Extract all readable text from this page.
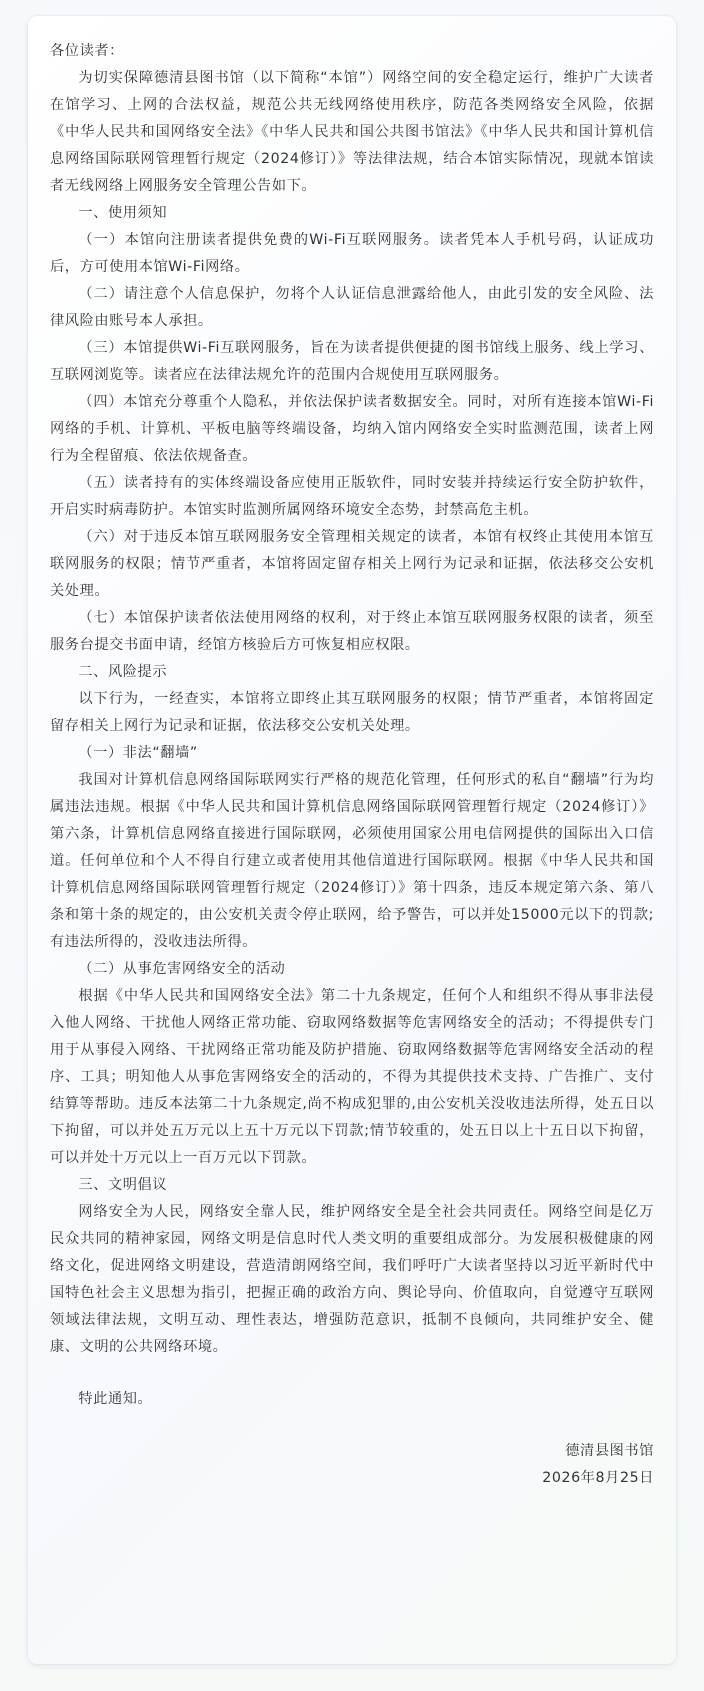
各位读者：

为切实保障德清县图书馆（以下简称“本馆”）网络空间的安全稳定运行，维护广大读者在馆学习、上网的合法权益，规范公共无线网络使用秩序，防范各类网络安全风险，依据《中华人民共和国网络安全法》《中华人民共和国公共图书馆法》《中华人民共和国计算机信息网络国际联网管理暂行规定（2024修订）》等法律法规，结合本馆实际情况，现就本馆读者无线网络上网服务安全管理公告如下。

一、使用须知

（一）本馆向注册读者提供免费的Wi-Fi互联网服务。读者凭本人手机号码，认证成功后，方可使用本馆Wi-Fi网络。

（二）请注意个人信息保护，勿将个人认证信息泄露给他人，由此引发的安全风险、法律风险由账号本人承担。

（三）本馆提供Wi-Fi互联网服务，旨在为读者提供便捷的图书馆线上服务、线上学习、互联网浏览等。读者应在法律法规允许的范围内合规使用互联网服务。

（四）本馆充分尊重个人隐私，并依法保护读者数据安全。同时，对所有连接本馆Wi-Fi网络的手机、计算机、平板电脑等终端设备，均纳入馆内网络安全实时监测范围，读者上网行为全程留痕、依法依规备查。

（五）读者持有的实体终端设备应使用正版软件，同时安装并持续运行安全防护软件，开启实时病毒防护。本馆实时监测所属网络环境安全态势，封禁高危主机。

（六）对于违反本馆互联网服务安全管理相关规定的读者，本馆有权终止其使用本馆互联网服务的权限；情节严重者，本馆将固定留存相关上网行为记录和证据，依法移交公安机关处理。

（七）本馆保护读者依法使用网络的权利，对于终止本馆互联网服务权限的读者，须至服务台提交书面申请，经馆方核验后方可恢复相应权限。

二、风险提示

以下行为，一经查实，本馆将立即终止其互联网服务的权限；情节严重者，本馆将固定留存相关上网行为记录和证据，依法移交公安机关处理。

（一）非法“翻墙”

我国对计算机信息网络国际联网实行严格的规范化管理，任何形式的私自“翻墙”行为均属违法违规。根据《中华人民共和国计算机信息网络国际联网管理暂行规定（2024修订）》第六条，计算机信息网络直接进行国际联网，必须使用国家公用电信网提供的国际出入口信道。任何单位和个人不得自行建立或者使用其他信道进行国际联网。根据《中华人民共和国计算机信息网络国际联网管理暂行规定（2024修订）》第十四条，违反本规定第六条、第八条和第十条的规定的，由公安机关责令停止联网，给予警告，可以并处15000元以下的罚款;有违法所得的，没收违法所得。

（二）从事危害网络安全的活动

根据《中华人民共和国网络安全法》第二十九条规定，任何个人和组织不得从事非法侵入他人网络、干扰他人网络正常功能、窃取网络数据等危害网络安全的活动；不得提供专门用于从事侵入网络、干扰网络正常功能及防护措施、窃取网络数据等危害网络安全活动的程序、工具；明知他人从事危害网络安全的活动的，不得为其提供技术支持、广告推广、支付结算等帮助。违反本法第二十九条规定,尚不构成犯罪的,由公安机关没收违法所得，处五日以下拘留，可以并处五万元以上五十万元以下罚款;情节较重的，处五日以上十五日以下拘留，可以并处十万元以上一百万元以下罚款。

三、文明倡议

网络安全为人民，网络安全靠人民，维护网络安全是全社会共同责任。网络空间是亿万民众共同的精神家园，网络文明是信息时代人类文明的重要组成部分。为发展积极健康的网络文化，促进网络文明建设，营造清朗网络空间，我们呼吁广大读者坚持以习近平新时代中国特色社会主义思想为指引，把握正确的政治方向、舆论导向、价值取向，自觉遵守互联网领域法律法规，文明互动、理性表达，增强防范意识，抵制不良倾向，共同维护安全、健康、文明的公共网络环境。

特此通知。

德清县图书馆

2026年8月25日
